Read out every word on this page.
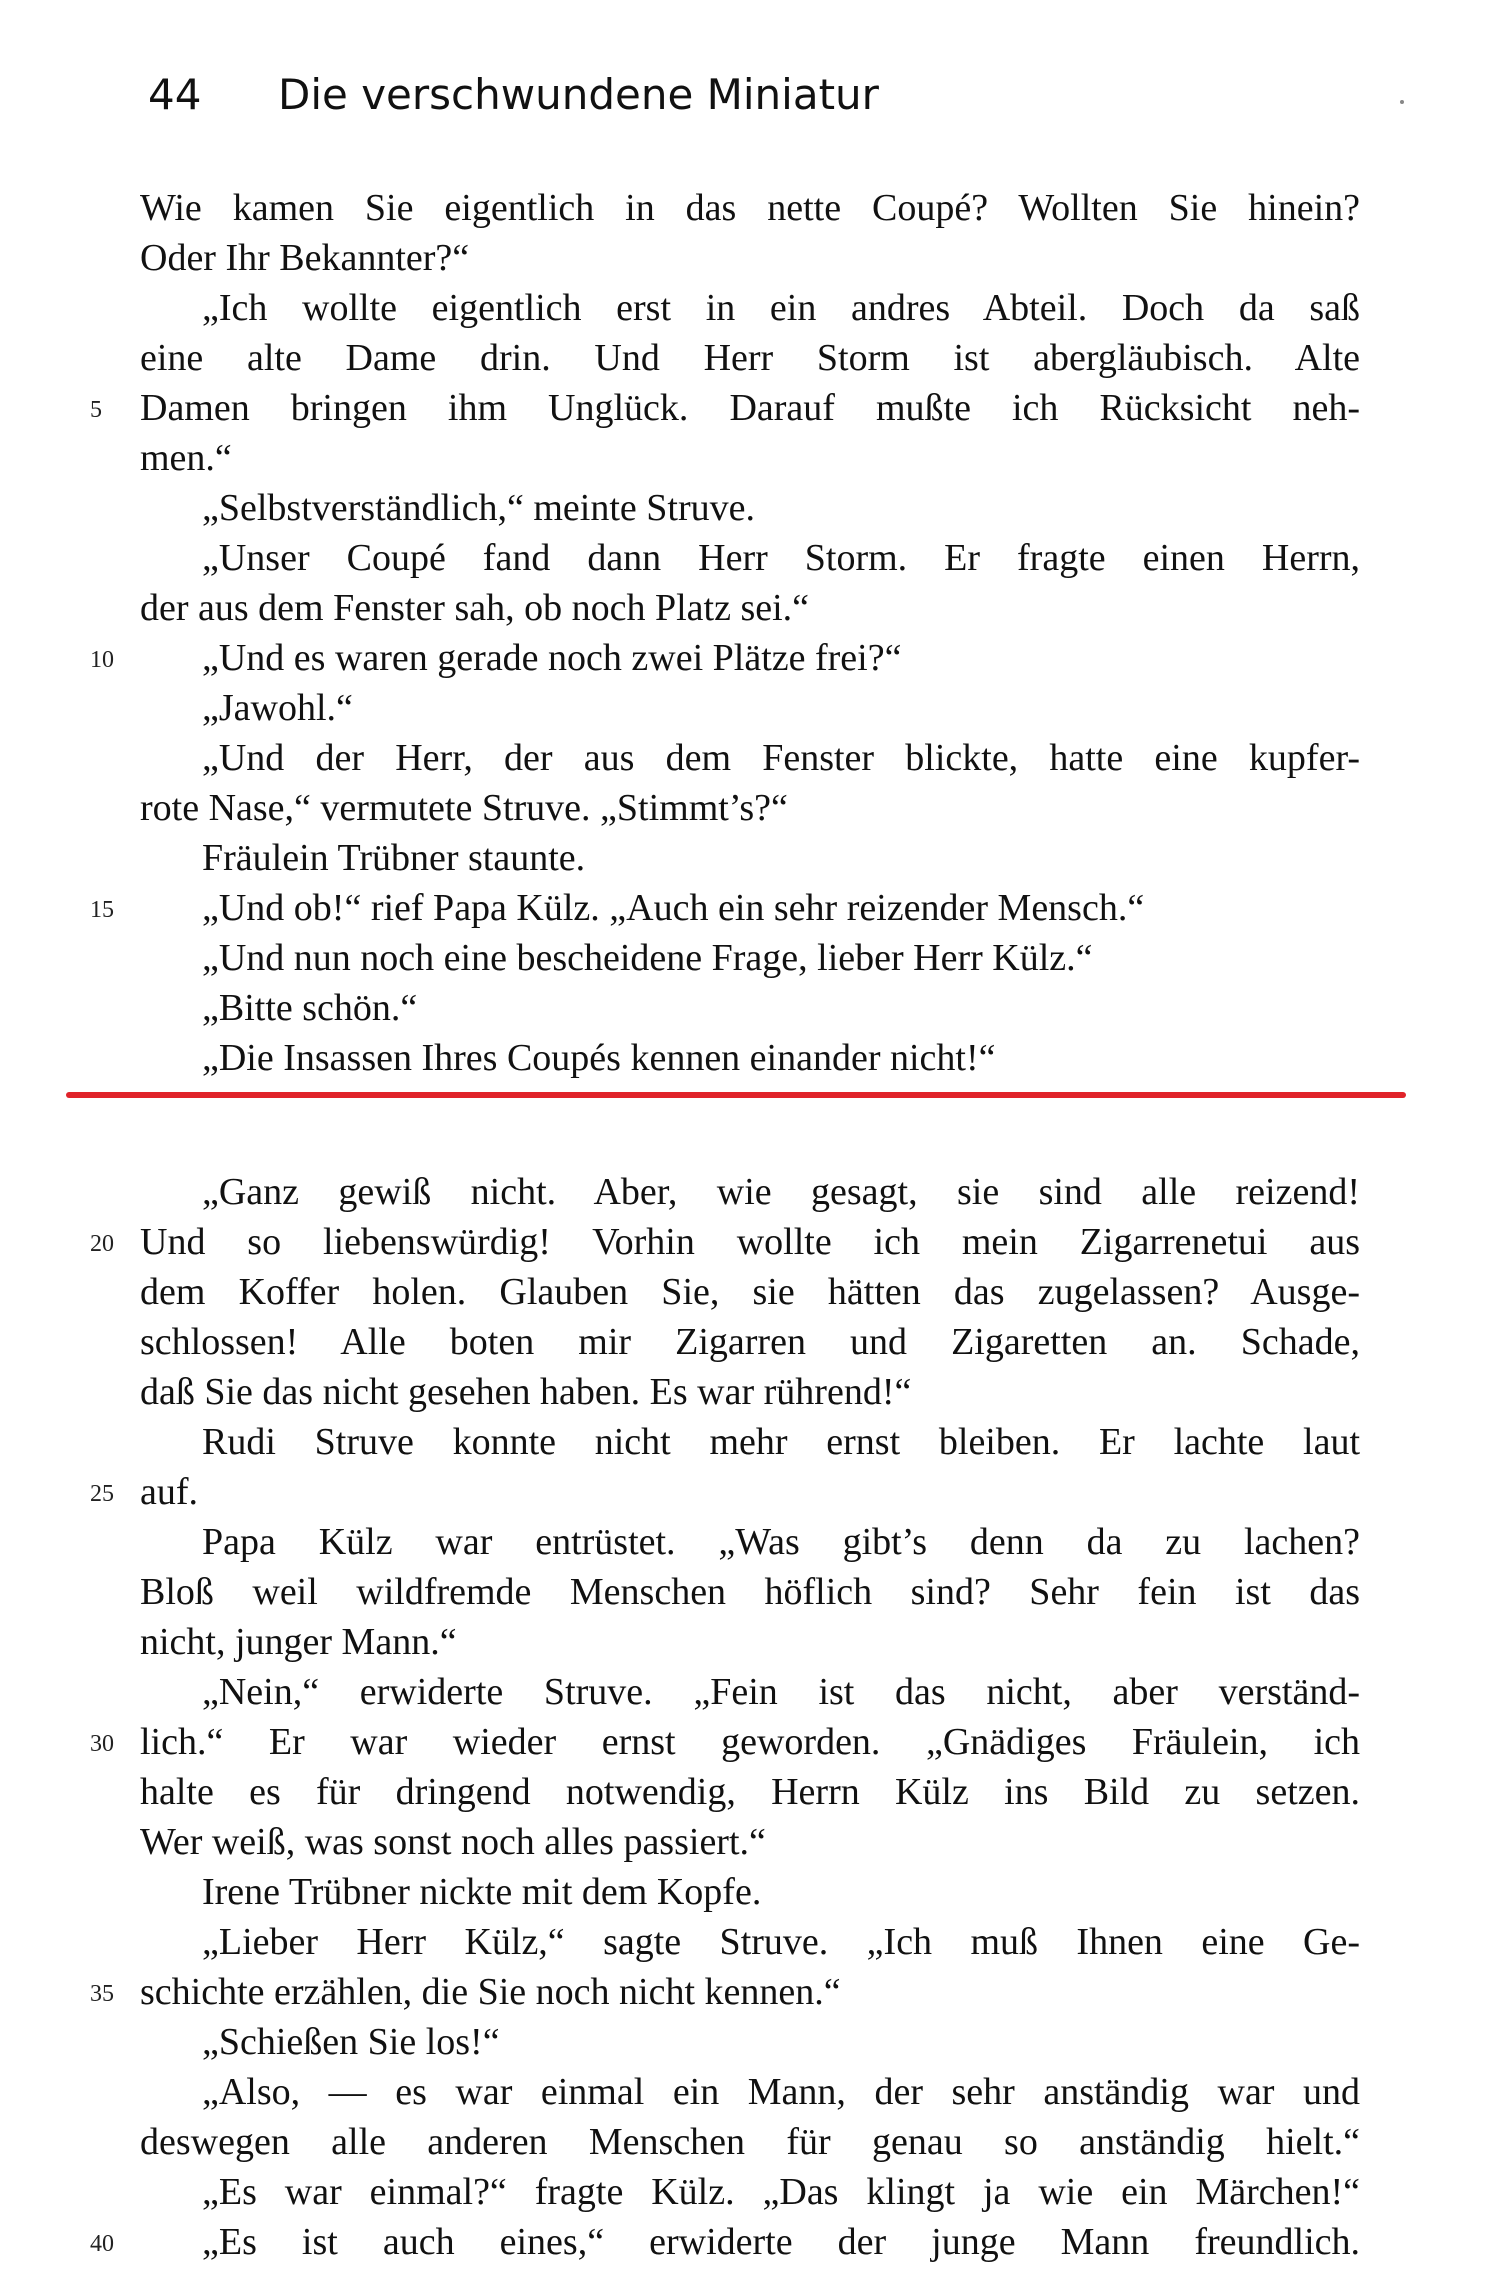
44 Die verschwundene Miniatur
Wie kamen Sie eigentlich in das nette Coupé? Wollten Sie hinein?
Oder Ihr Bekannter?“
„Ich wollte eigentlich erst in ein andres Abteil. Doch da saß
eine alte Dame drin. Und Herr Storm ist abergläubisch. Alte
5	Damen bringen ihm Unglück. Darauf mußte ich Rücksicht neh-
men.“
„Selbstverständlich,“ meinte Struve.
„Unser Coupé fand dann Herr Storm. Er fragte einen Herrn,
der aus dem Fenster sah, ob noch Platz sei.“
10	„Und es waren gerade noch zwei Plätze frei?“
„Jawohl.“
„Und der Herr, der aus dem Fenster blickte, hatte eine kupfer-
rote Nase,“ vermutete Struve. „Stimmt’s?“
Fräulein Trübner staunte.
15	„Und ob!“ rief Papa Külz. „Auch ein sehr reizender Mensch.“
„Und nun noch eine bescheidene Frage, lieber Herr Külz.“
„Bitte schön.“
„Die Insassen Ihres Coupés kennen einander nicht!“
„Ganz gewiß nicht. Aber, wie gesagt, sie sind alle reizend!
20 Und so liebenswürdig! Vorhin wollte ich mein Zigarrenetui aus
dem Koffer holen. Glauben Sie, sie hätten das zugelassen? Ausge-
schlossen! Alle boten mir Zigarren und Zigaretten an. Schade,
daß Sie das nicht gesehen haben. Es war rührend!“
Rudi Struve konnte nicht mehr ernst bleiben. Er lachte laut
25 auf.
Papa Külz war entrüstet. „Was gibt’s denn da zu lachen?
Bloß weil wildfremde Menschen höflich sind? Sehr fein ist das
nicht, junger Mann.“
„Nein,“ erwiderte Struve. „Fein ist das nicht, aber verständ-
30 lich.“ Er war wieder ernst geworden. „Gnädiges Fräulein, ich
halte es für dringend notwendig, Herrn Külz ins Bild zu setzen.
Wer weiß, was sonst noch alles passiert.“
Irene Trübner nickte mit dem Kopfe.
„Lieber Herr Külz,“ sagte Struve. „Ich muß Ihnen eine Ge-
35 schichte erzählen, die Sie noch nicht kennen.“
„Schießen Sie los!“
„Also, — es war einmal ein Mann, der sehr anständig war und
deswegen alle anderen Menschen für genau so anständig hielt.“
„Es war einmal?“ fragte Külz. „Das klingt ja wie ein Märchen!“
40	„Es ist auch eines,“ erwiderte der junge Mann freundlich.
